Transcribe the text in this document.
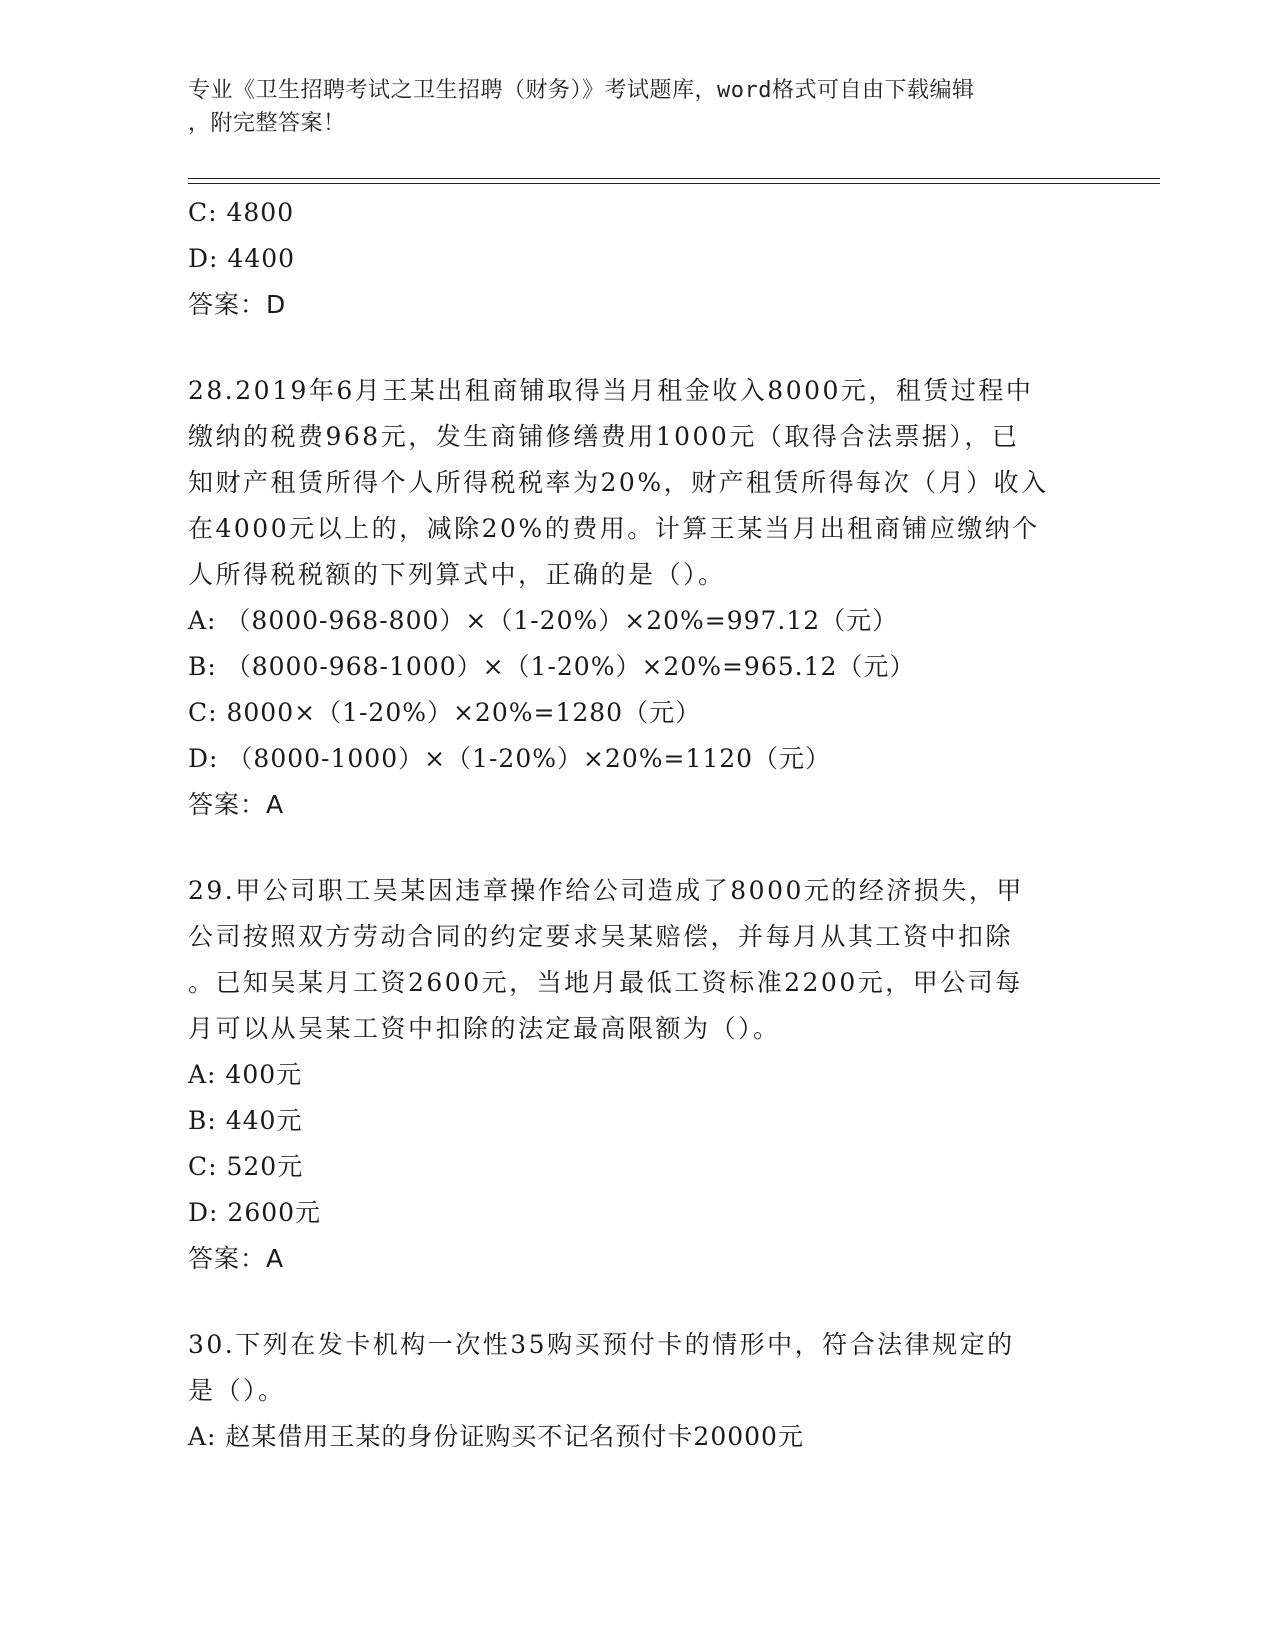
专业《卫生招聘考试之卫生招聘（财务）》考试题库，word格式可自由下载编辑
，附完整答案！
C: 4800
D: 4400
答案：D
28.2019年6月王某出租商铺取得当月租金收入8000元，租赁过程中
缴纳的税费968元，发生商铺修缮费用1000元（取得合法票据），已
知财产租赁所得个人所得税税率为20%，财产租赁所得每次（月）收入
在4000元以上的，减除20%的费用。计算王某当月出租商铺应缴纳个
人所得税税额的下列算式中，正确的是（）。
A: （8000-968-800）×（1-20%）×20%=997.12（元）
B: （8000-968-1000）×（1-20%）×20%=965.12（元）
C: 8000×（1-20%）×20%=1280（元）
D: （8000-1000）×（1-20%）×20%=1120（元）
答案：A
29.甲公司职工吴某因违章操作给公司造成了8000元的经济损失，甲
公司按照双方劳动合同的约定要求吴某赔偿，并每月从其工资中扣除
。已知吴某月工资2600元，当地月最低工资标准2200元，甲公司每
月可以从吴某工资中扣除的法定最高限额为（）。
A: 400元
B: 440元
C: 520元
D: 2600元
答案：A
30.下列在发卡机构一次性35购买预付卡的情形中，符合法律规定的
是（）。
A: 赵某借用王某的身份证购买不记名预付卡20000元
